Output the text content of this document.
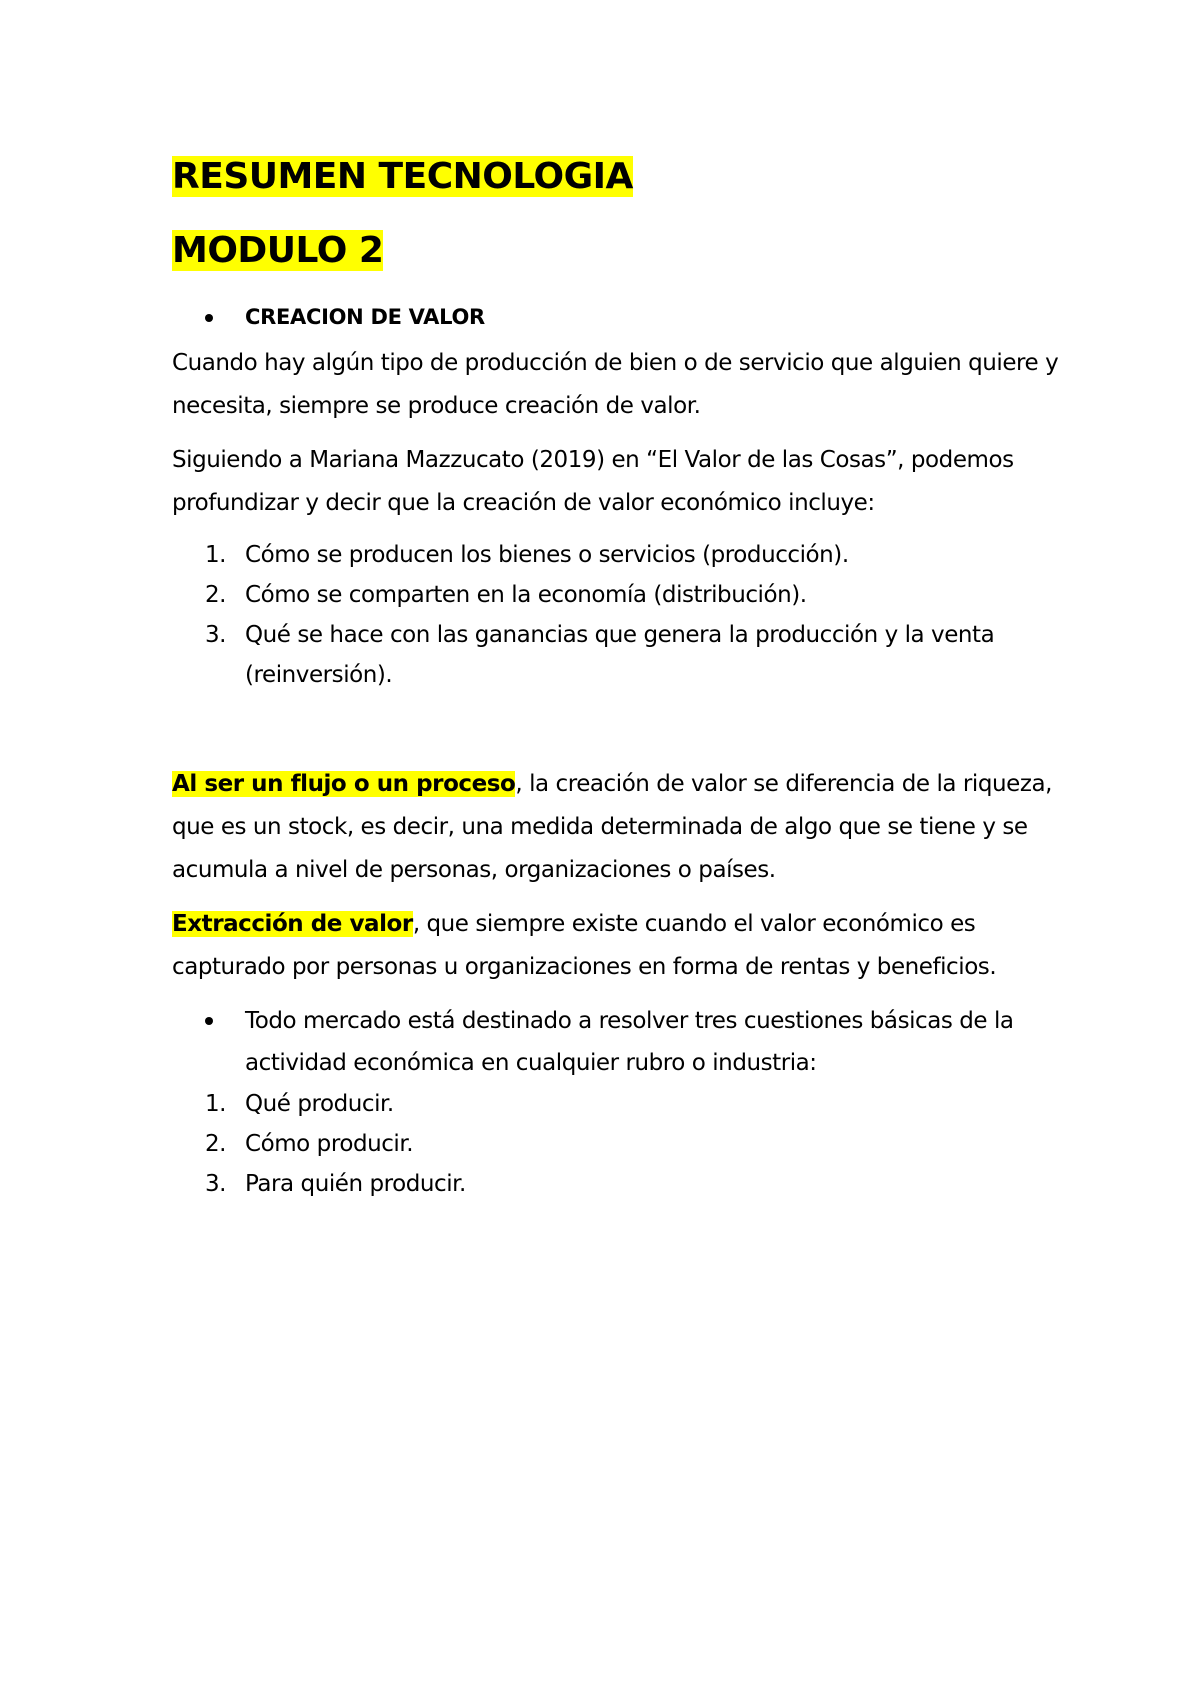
RESUMEN TECNOLOGIA
MODULO 2
CREACION DE VALOR

Cuando hay algún tipo de producción de bien o de servicio que alguien quiere y necesita, siempre se produce creación de valor.

Siguiendo a Mariana Mazzucato (2019) en “El Valor de las Cosas”, podemos profundizar y decir que la creación de valor económico incluye:

1. Cómo se producen los bienes o servicios (producción).
2. Cómo se comparten en la economía (distribución).
3. Qué se hace con las ganancias que genera la producción y la venta (reinversión).

Al ser un flujo o un proceso, la creación de valor se diferencia de la riqueza, que es un stock, es decir, una medida determinada de algo que se tiene y se acumula a nivel de personas, organizaciones o países.

Extracción de valor, que siempre existe cuando el valor económico es capturado por personas u organizaciones en forma de rentas y beneficios.

Todo mercado está destinado a resolver tres cuestiones básicas de la actividad económica en cualquier rubro o industria:
1. Qué producir.
2. Cómo producir.
3. Para quién producir.
